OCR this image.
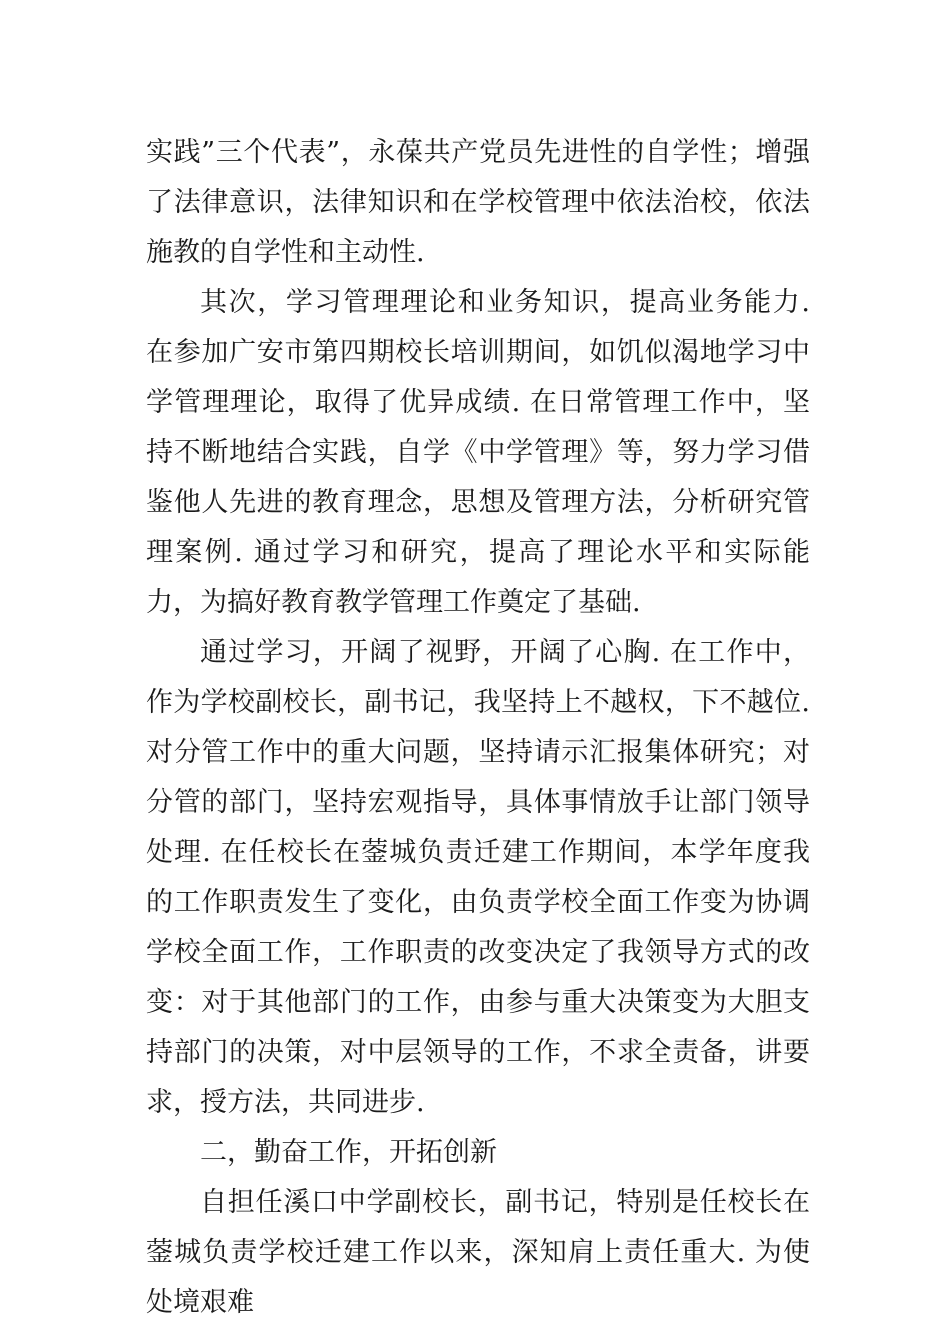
实践”三个代表”，永葆共产党员先进性的自学性；增强了法律意识，法律知识和在学校管理中依法治校，依法施教的自学性和主动性.

其次，学习管理理论和业务知识，提高业务能力. 在参加广安市第四期校长培训期间，如饥似渴地学习中学管理理论，取得了优异成绩. 在日常管理工作中，坚持不断地结合实践，自学《中学管理》等，努力学习借鉴他人先进的教育理念，思想及管理方法，分析研究管理案例. 通过学习和研究，提高了理论水平和实际能力，为搞好教育教学管理工作奠定了基础.

通过学习，开阔了视野，开阔了心胸. 在工作中，作为学校副校长，副书记，我坚持上不越权，下不越位. 对分管工作中的重大问题，坚持请示汇报集体研究；对分管的部门，坚持宏观指导，具体事情放手让部门领导处理. 在任校长在蓥城负责迁建工作期间，本学年度我的工作职责发生了变化，由负责学校全面工作变为协调学校全面工作，工作职责的改变决定了我领导方式的改变：对于其他部门的工作，由参与重大决策变为大胆支持部门的决策，对中层领导的工作，不求全责备，讲要求，授方法，共同进步.

二，勤奋工作，开拓创新

自担任溪口中学副校长，副书记，特别是任校长在蓥城负责学校迁建工作以来，深知肩上责任重大. 为使处境艰难
